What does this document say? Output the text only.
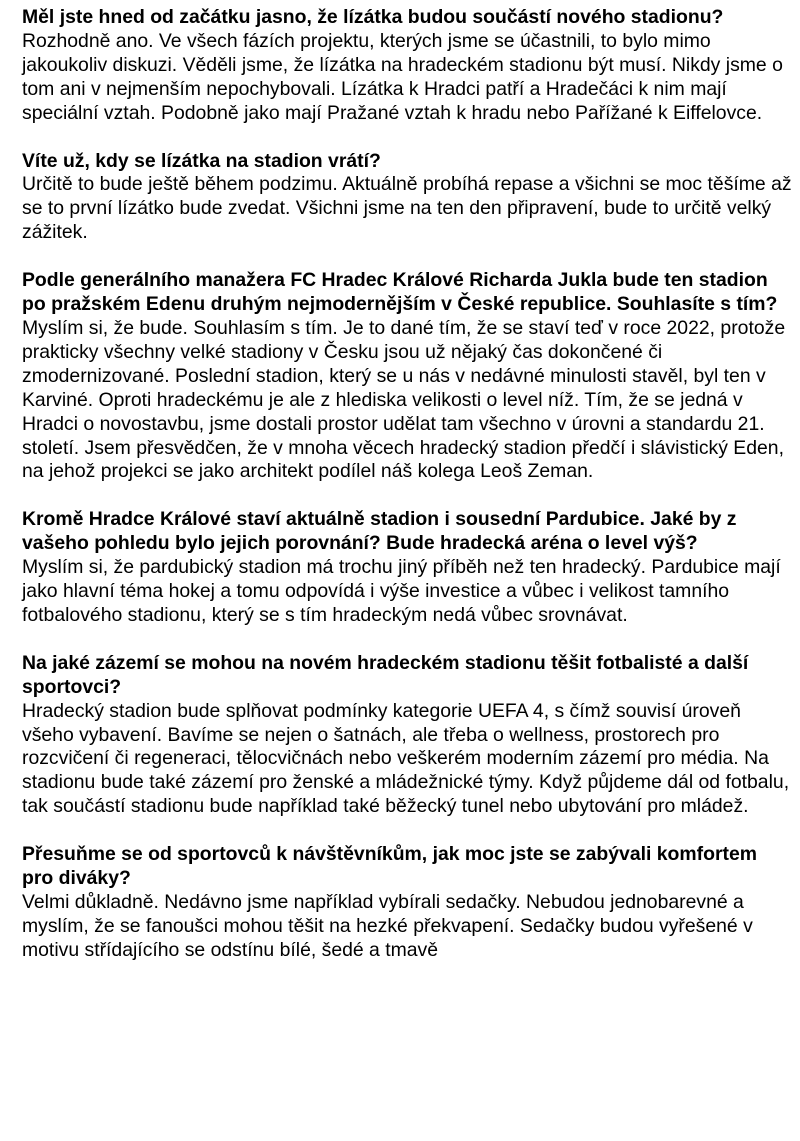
Měl jste hned od začátku jasno, že lízátka budou součástí nového stadionu?

Rozhodně ano. Ve všech fázích projektu, kterých jsme se účastnili, to bylo mimo jakoukoliv diskuzi. Věděli jsme, že lízátka na hradeckém stadionu být musí. Nikdy jsme o tom ani v nejmenším nepochybovali. Lízátka k Hradci patří a Hradečáci k nim mají speciální vztah. Podobně jako mají Pražané vztah k hradu nebo Pařížané k Eiffelovce.

Víte už, kdy se lízátka na stadion vrátí?

Určitě to bude ještě během podzimu. Aktuálně probíhá repase a všichni se moc těšíme až se to první lízátko bude zvedat. Všichni jsme na ten den připravení, bude to určitě velký zážitek.

Podle generálního manažera FC Hradec Králové Richarda Jukla bude ten stadion po pražském Edenu druhým nejmodernějším v České republice. Souhlasíte s tím?

Myslím si, že bude. Souhlasím s tím. Je to dané tím, že se staví teď v roce 2022, protože prakticky všechny velké stadiony v Česku jsou už nějaký čas dokončené či zmodernizované. Poslední stadion, který se u nás v nedávné minulosti stavěl, byl ten v Karviné. Oproti hradeckému je ale z hlediska velikosti o level níž. Tím, že se jedná v Hradci o novostavbu, jsme dostali prostor udělat tam všechno v úrovni a standardu 21. století. Jsem přesvědčen, že v mnoha věcech hradecký stadion předčí i slávistický Eden, na jehož projekci se jako architekt podílel náš kolega Leoš Zeman.

Kromě Hradce Králové staví aktuálně stadion i sousední Pardubice. Jaké by z vašeho pohledu bylo jejich porovnání? Bude hradecká aréna o level výš?

Myslím si, že pardubický stadion má trochu jiný příběh než ten hradecký. Pardubice mají jako hlavní téma hokej a tomu odpovídá i výše investice a vůbec i velikost tamního fotbalového stadionu, který se s tím hradeckým nedá vůbec srovnávat.

Na jaké zázemí se mohou na novém hradeckém stadionu těšit fotbalisté a další sportovci?

Hradecký stadion bude splňovat podmínky kategorie UEFA 4, s čímž souvisí úroveň všeho vybavení. Bavíme se nejen o šatnách, ale třeba o wellness, prostorech pro rozcvičení či regeneraci, tělocvičnách nebo veškerém moderním zázemí pro média. Na stadionu bude také zázemí pro ženské a mládežnické týmy. Když půjdeme dál od fotbalu, tak součástí stadionu bude například také běžecký tunel nebo ubytování pro mládež.

Přesuňme se od sportovců k návštěvníkům, jak moc jste se zabývali komfortem pro diváky?

Velmi důkladně. Nedávno jsme například vybírali sedačky. Nebudou jednobarevné a myslím, že se fanoušci mohou těšit na hezké překvapení. Sedačky budou vyřešené v motivu střídajícího se odstínu bílé, šedé a tmavě
